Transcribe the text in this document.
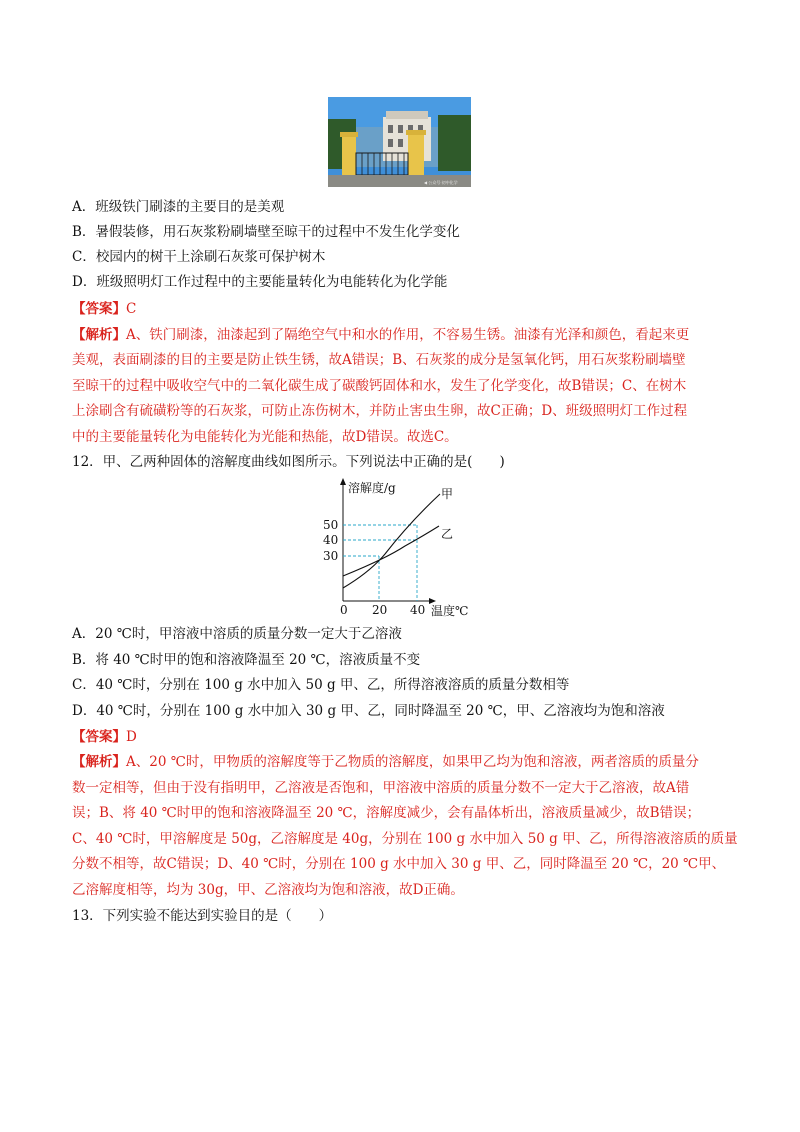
◀ 公众号·初中化学
A．班级铁门刷漆的主要目的是美观
B．暑假装修，用石灰浆粉刷墙壁至晾干的过程中不发生化学变化
C．校园内的树干上涂刷石灰浆可保护树木
D．班级照明灯工作过程中的主要能量转化为电能转化为化学能
【答案】C
【解析】A、铁门刷漆，油漆起到了隔绝空气中和水的作用，不容易生锈。油漆有光泽和颜色，看起来更
美观，表面刷漆的目的主要是防止铁生锈，故A错误；B、石灰浆的成分是氢氧化钙，用石灰浆粉刷墙壁
至晾干的过程中吸收空气中的二氧化碳生成了碳酸钙固体和水，发生了化学变化，故B错误；C、在树木
上涂刷含有硫磺粉等的石灰浆，可防止冻伤树木，并防止害虫生卵，故C正确；D、班级照明灯工作过程
中的主要能量转化为电能转化为光能和热能，故D错误。故选C。
12．甲、乙两种固体的溶解度曲线如图所示。下列说法中正确的是(　　)
溶解度/g	甲
乙
50
40
30
0 20 40 温度℃
A．20 ℃时，甲溶液中溶质的质量分数一定大于乙溶液
B．将 40 ℃时甲的饱和溶液降温至 20 ℃，溶液质量不变
C．40 ℃时，分别在 100 g 水中加入 50 g 甲、乙，所得溶液溶质的质量分数相等
D．40 ℃时，分别在 100 g 水中加入 30 g 甲、乙，同时降温至 20 ℃，甲、乙溶液均为饱和溶液
【答案】D
【解析】A、20 ℃时，甲物质的溶解度等于乙物质的溶解度，如果甲乙均为饱和溶液，两者溶质的质量分
数一定相等，但由于没有指明甲，乙溶液是否饱和，甲溶液中溶质的质量分数不一定大于乙溶液，故A错
误；B、将 40 ℃时甲的饱和溶液降温至 20 ℃，溶解度减少，会有晶体析出，溶液质量减少，故B错误；
C、40 ℃时，甲溶解度是 50g，乙溶解度是 40g，分别在 100 g 水中加入 50 g 甲、乙，所得溶液溶质的质量
分数不相等，故C错误；D、40 ℃时，分别在 100 g 水中加入 30 g 甲、乙，同时降温至 20 ℃，20 ℃甲、
乙溶解度相等，均为 30g，甲、乙溶液均为饱和溶液，故D正确。
13．下列实验不能达到实验目的是（　　）
